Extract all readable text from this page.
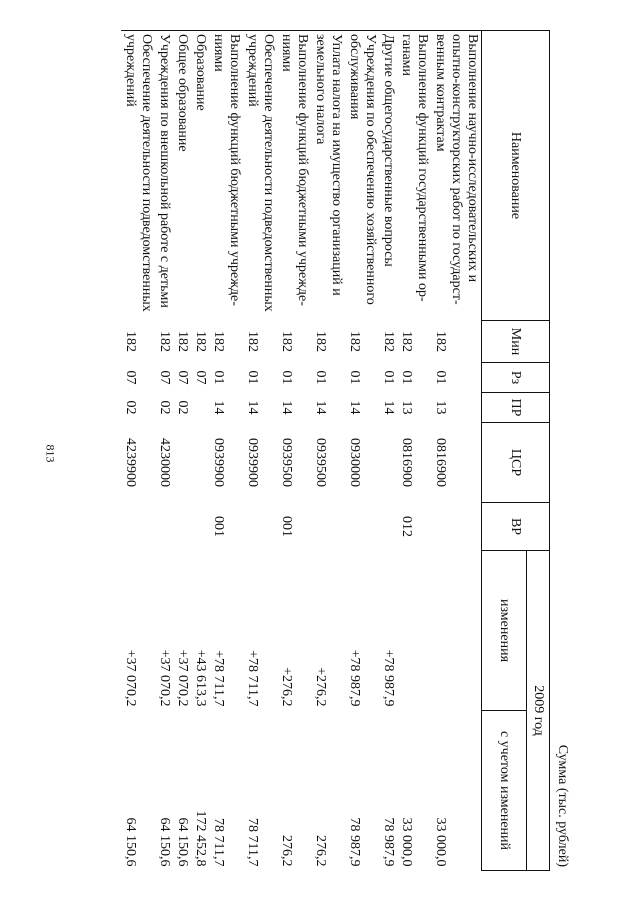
813
Сумма (тыс. рублей)
Наименование	Мин	Рз	ПР	ЦСР	ВР	2009 год	
						изменения	с учетом изменений
Выполнение научно-исследовательских и опытно-конструкторских работ по государст-венным контрактам	182	01	13	0816900			33 000,0
Выполнение функций государственными ор-ганами	182	01	13	0816900	012		33 000,0
Другие общегосударственные вопросы	182	01	14			+78 987,9	78 987,9
Учреждения по обеспечению хозяйственного обслуживания	182	01	14	0930000		+78 987,9	78 987,9
Уплата налога на имущество организаций и земельного налога	182	01	14	0939500		+276,2	276,2
Выполнение функций бюджетными учрежде-ниями	182	01	14	0939500	001	+276,2	276,2
Обеспечение деятельности подведомственных учреждений	182	01	14	0939900		+78 711,7	78 711,7
Выполнение функций бюджетными учрежде-ниями	182	01	14	0939900	001	+78 711,7	78 711,7
Образование	182	07				+43 613,3	172 452,8
Общее образование	182	07	02			+37 070,2	64 150,6
Учреждения по внешкольной работе с детьми	182	07	02	4230000		+37 070,2	64 150,6
Обеспечение деятельности подведомственных учреждений	182	07	02	4239900		+37 070,2	64 150,6
